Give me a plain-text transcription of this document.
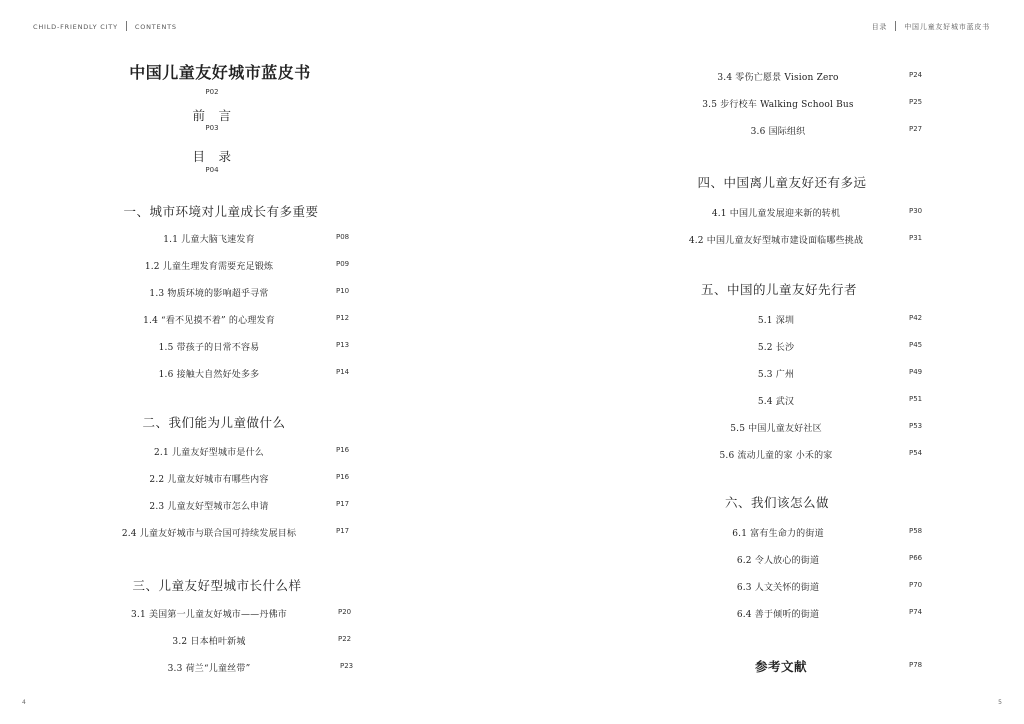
CHILD-FRIENDLY CITY	CONTENTS	目录 中国儿童友好城市蓝皮书
中国儿童友好城市蓝皮书
P02
前　言
P03
目　录
P04
一、城市环境对儿童成长有多重要
1.1 儿童大脑飞速发育	P08
1.2 儿童生理发育需要充足锻炼	P09
1.3 物质环境的影响超乎寻常	P10
1.4 “看不见摸不着” 的心理发育	P12
1.5 带孩子的日常不容易	P13
1.6 接触大自然好处多多	P14
二、我们能为儿童做什么
2.1 儿童友好型城市是什么	P16
2.2 儿童友好城市有哪些内容	P16
2.3 儿童友好型城市怎么申请	P17
2.4 儿童友好城市与联合国可持续发展目标	P17
三、儿童友好型城市长什么样
3.1 美国第一儿童友好城市——丹佛市	P20
3.2 日本柏叶新城	P22
3.3 荷兰“儿童丝带”	P23
3.4 零伤亡愿景 Vision Zero	P24
3.5 步行校车 Walking School Bus	P25
3.6 国际组织	P27
四、中国离儿童友好还有多远
4.1 中国儿童发展迎来新的转机	P30
4.2 中国儿童友好型城市建设面临哪些挑战	P31
五、中国的儿童友好先行者
5.1 深圳	P42
5.2 长沙	P45
5.3 广州	P49
5.4 武汉	P51
5.5 中国儿童友好社区	P53
5.6 流动儿童的家 小禾的家	P54
六、我们该怎么做
6.1 富有生命力的街道	P58
6.2 令人放心的街道	P66
6.3 人文关怀的街道	P70
6.4 善于倾听的街道	P74
参考文献	P78
4	5
